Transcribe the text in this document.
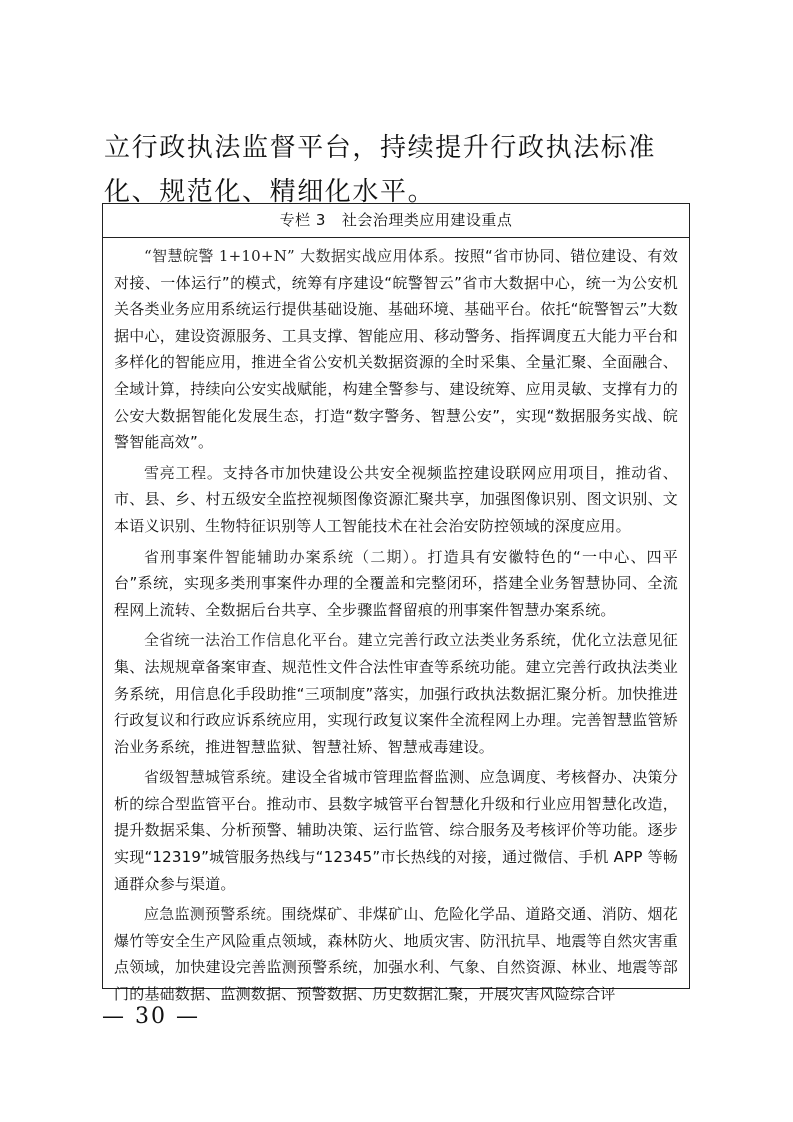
立行政执法监督平台，持续提升行政执法标准化、规范化、精细化水平。
专栏 3 社会治理类应用建设重点

“智慧皖警 1+10+N” 大数据实战应用体系。按照“省市协同、错位建设、有效对接、一体运行”的模式，统筹有序建设“皖警智云”省市大数据中心，统一为公安机关各类业务应用系统运行提供基础设施、基础环境、基础平台。依托“皖警智云”大数据中心，建设资源服务、工具支撑、智能应用、移动警务、指挥调度五大能力平台和多样化的智能应用，推进全省公安机关数据资源的全时采集、全量汇聚、全面融合、全域计算，持续向公安实战赋能，构建全警参与、建设统筹、应用灵敏、支撑有力的公安大数据智能化发展生态，打造“数字警务、智慧公安”，实现“数据服务实战、皖警智能高效”。

雪亮工程。支持各市加快建设公共安全视频监控建设联网应用项目，推动省、市、县、乡、村五级安全监控视频图像资源汇聚共享，加强图像识别、图文识别、文本语义识别、生物特征识别等人工智能技术在社会治安防控领域的深度应用。

省刑事案件智能辅助办案系统（二期）。打造具有安徽特色的“一中心、四平台”系统，实现多类刑事案件办理的全覆盖和完整闭环，搭建全业务智慧协同、全流程网上流转、全数据后台共享、全步骤监督留痕的刑事案件智慧办案系统。

全省统一法治工作信息化平台。建立完善行政立法类业务系统，优化立法意见征集、法规规章备案审查、规范性文件合法性审查等系统功能。建立完善行政执法类业务系统，用信息化手段助推“三项制度”落实，加强行政执法数据汇聚分析。加快推进行政复议和行政应诉系统应用，实现行政复议案件全流程网上办理。完善智慧监管矫治业务系统，推进智慧监狱、智慧社矫、智慧戒毒建设。

省级智慧城管系统。建设全省城市管理监督监测、应急调度、考核督办、决策分析的综合型监管平台。推动市、县数字城管平台智慧化升级和行业应用智慧化改造，提升数据采集、分析预警、辅助决策、运行监管、综合服务及考核评价等功能。逐步实现“12319”城管服务热线与“12345”市长热线的对接，通过微信、手机 APP 等畅通群众参与渠道。

应急监测预警系统。围绕煤矿、非煤矿山、危险化学品、道路交通、消防、烟花爆竹等安全生产风险重点领域，森林防火、地质灾害、防汛抗旱、地震等自然灾害重点领域，加快建设完善监测预警系统，加强水利、气象、自然资源、林业、地震等部门的基础数据、监测数据、预警数据、历史数据汇聚，开展灾害风险综合评

— 30 —
